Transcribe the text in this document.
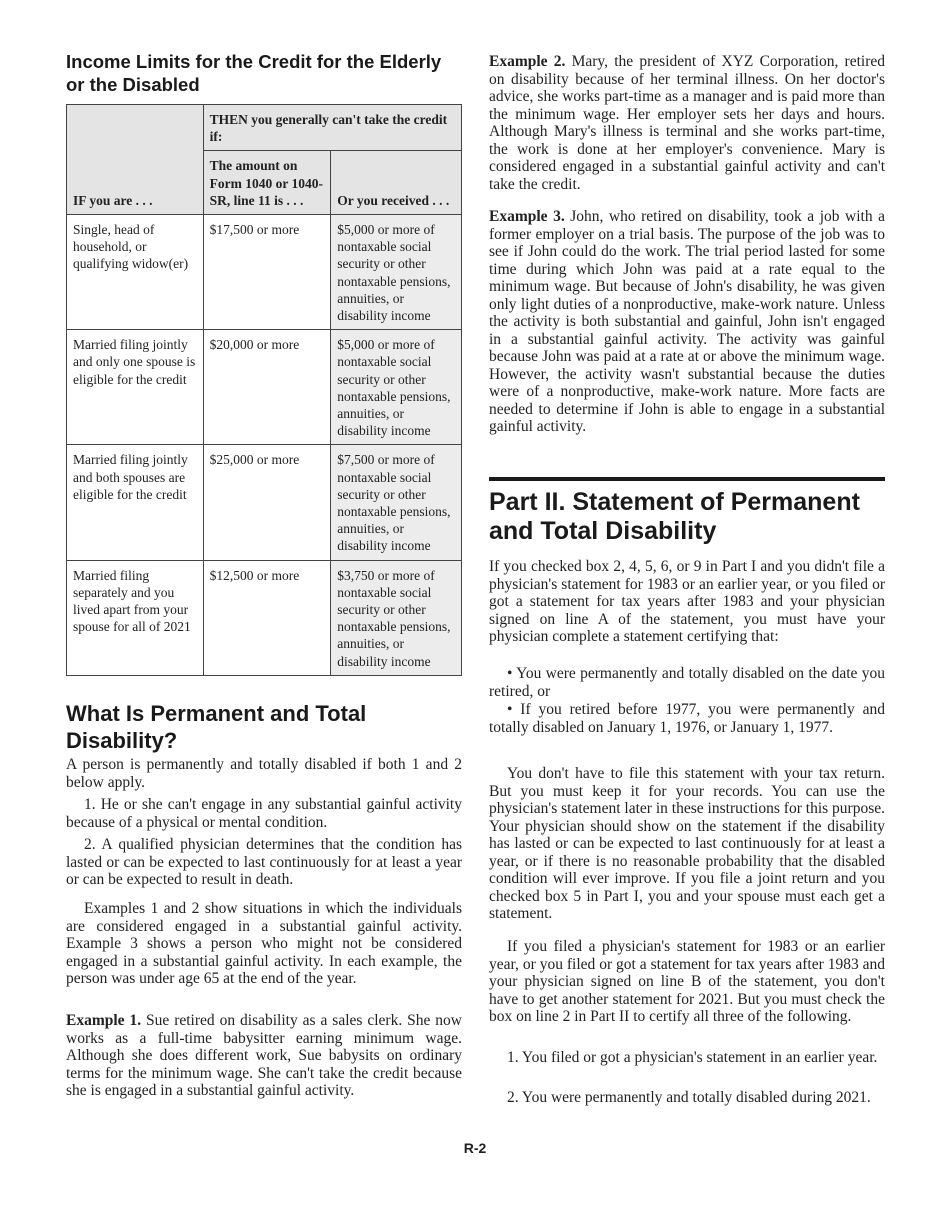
Income Limits for the Credit for the Elderly or the Disabled
IF you are . . .	THEN you generally can't take the credit if:	
	The amount on Form 1040 or 1040-SR, line 11 is . . .	Or you received . . .
Single, head of household, or qualifying widow(er)	$17,500 or more	$5,000 or more of nontaxable social security or other nontaxable pensions, annuities, or disability income
Married filing jointly and only one spouse is eligible for the credit	$20,000 or more	$5,000 or more of nontaxable social security or other nontaxable pensions, annuities, or disability income
Married filing jointly and both spouses are eligible for the credit	$25,000 or more	$7,500 or more of nontaxable social security or other nontaxable pensions, annuities, or disability income
Married filing separately and you lived apart from your spouse for all of 2021	$12,500 or more	$3,750 or more of nontaxable social security or other nontaxable pensions, annuities, or disability income
What Is Permanent and Total Disability?

A person is permanently and totally disabled if both 1 and 2 below apply.

1. He or she can't engage in any substantial gainful activity because of a physical or mental condition.

2. A qualified physician determines that the condition has lasted or can be expected to last continuously for at least a year or can be expected to result in death.

Examples 1 and 2 show situations in which the individuals are considered engaged in a substantial gainful activity. Example 3 shows a person who might not be considered engaged in a substantial gainful activity. In each example, the person was under age 65 at the end of the year.

Example 1. Sue retired on disability as a sales clerk. She now works as a full-time babysitter earning minimum wage. Although she does different work, Sue babysits on ordinary terms for the minimum wage. She can't take the credit because she is engaged in a substantial gainful activity.

Example 2. Mary, the president of XYZ Corporation, retired on disability because of her terminal illness. On her doctor's advice, she works part-time as a manager and is paid more than the minimum wage. Her employer sets her days and hours. Although Mary's illness is terminal and she works part-time, the work is done at her employer's convenience. Mary is considered engaged in a substantial gainful activity and can't take the credit.

Example 3. John, who retired on disability, took a job with a former employer on a trial basis. The purpose of the job was to see if John could do the work. The trial period lasted for some time during which John was paid at a rate equal to the minimum wage. But because of John's disability, he was given only light duties of a nonproductive, make-work nature. Unless the activity is both substantial and gainful, John isn't engaged in a substantial gainful activity. The activity was gainful because John was paid at a rate at or above the minimum wage. However, the activity wasn't substantial because the duties were of a nonproductive, make-work nature. More facts are needed to determine if John is able to engage in a substantial gainful activity.

Part II. Statement of Permanent and Total Disability

If you checked box 2, 4, 5, 6, or 9 in Part I and you didn't file a physician's statement for 1983 or an earlier year, or you filed or got a statement for tax years after 1983 and your physician signed on line A of the statement, you must have your physician complete a statement certifying that:

• You were permanently and totally disabled on the date you retired, or

• If you retired before 1977, you were permanently and totally disabled on January 1, 1976, or January 1, 1977.

You don't have to file this statement with your tax return. But you must keep it for your records. You can use the physician's statement later in these instructions for this purpose. Your physician should show on the statement if the disability has lasted or can be expected to last continuously for at least a year, or if there is no reasonable probability that the disabled condition will ever improve. If you file a joint return and you checked box 5 in Part I, you and your spouse must each get a statement.

If you filed a physician's statement for 1983 or an earlier year, or you filed or got a statement for tax years after 1983 and your physician signed on line B of the statement, you don't have to get another statement for 2021. But you must check the box on line 2 in Part II to certify all three of the following.

1. You filed or got a physician's statement in an earlier year.

2. You were permanently and totally disabled during 2021.

R-2
